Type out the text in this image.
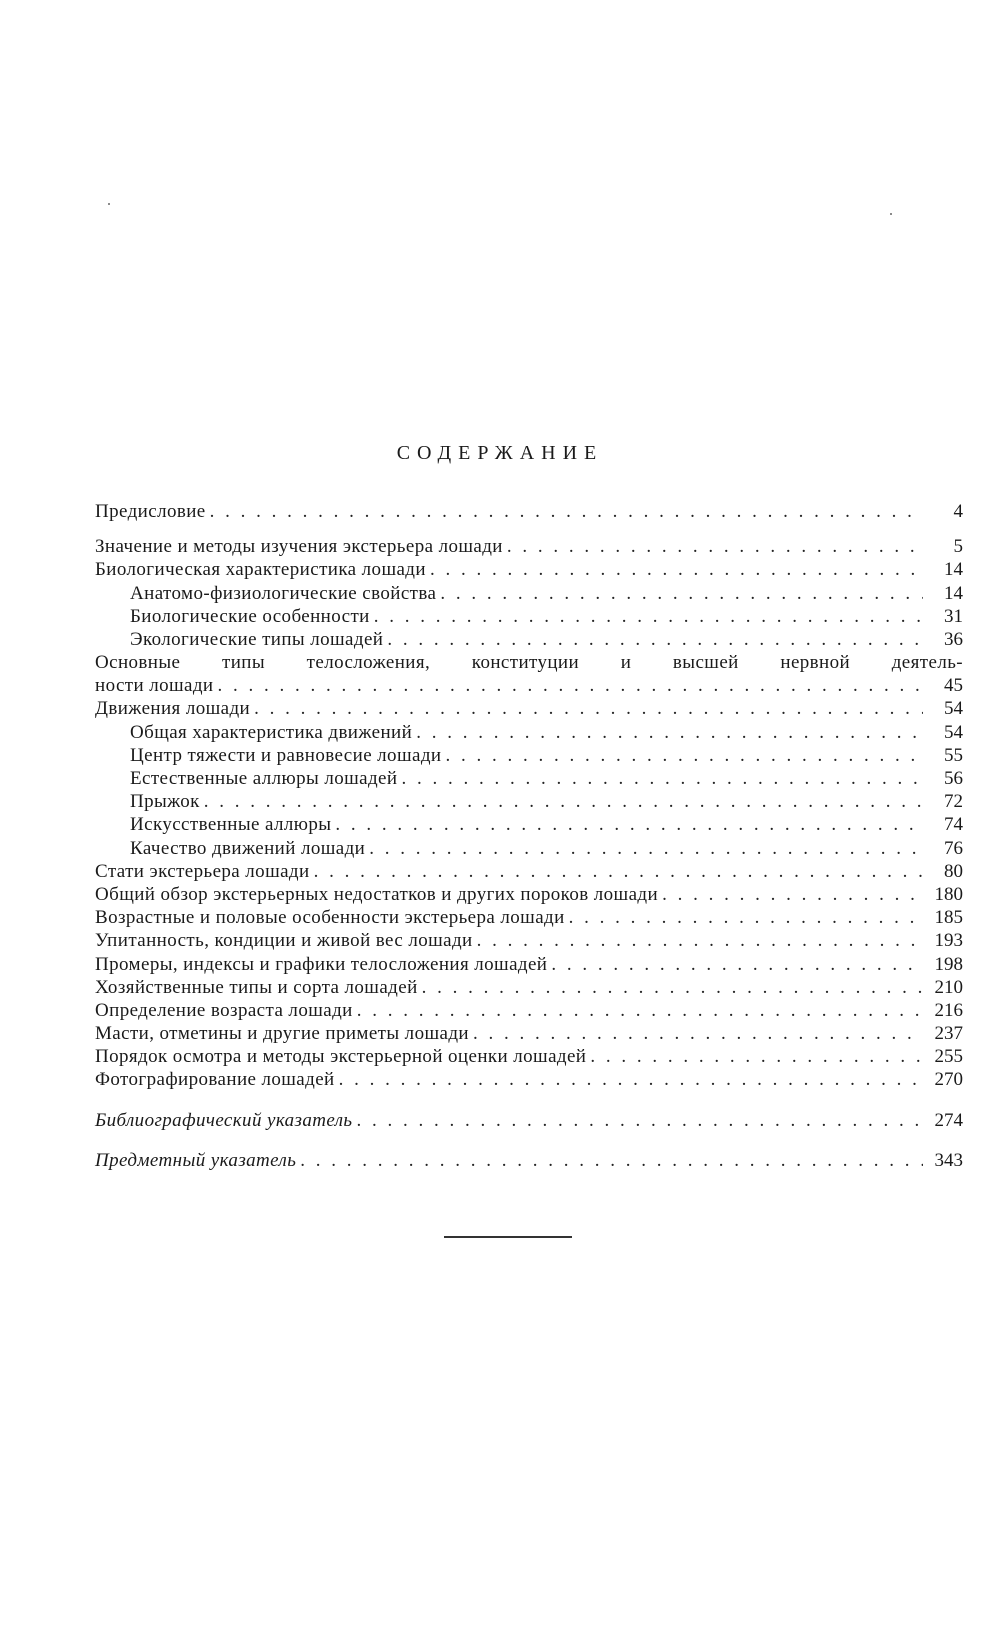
СОДЕРЖАНИЕ
Предисловие . . .	4
Значение и методы изучения экстерьера лошади . . .	5
Биологическая характеристика лошади . . .	14
Анатомо-физиологические свойства . . .	14
Биологические особенности . . .	31
Экологические типы лошадей . . .	36
Основные типы телосложения, конституции и высшей нервной деятель-
ности лошади . . .	45
Движения лошади . . .	54
Общая характеристика движений . . .	54
Центр тяжести и равновесие лошади . . .	55
Естественные аллюры лошадей . . .	56
Прыжок . . .	72
Искусственные аллюры . . .	74
Качество движений лошади . . .	76
Стати экстерьера лошади . . .	80
Общий обзор экстерьерных недостатков и других пороков лошади . . .	180
Возрастные и половые особенности экстерьера лошади . . .	185
Упитанность, кондиции и живой вес лошади . . .	193
Промеры, индексы и графики телосложения лошадей . . .	198
Хозяйственные типы и сорта лошадей . . .	210
Определение возраста лошади . . .	216
Масти, отметины и другие приметы лошади . . .	237
Порядок осмотра и методы экстерьерной оценки лошадей . . .	255
Фотографирование лошадей . . .	270
Библиографический указатель . . .	274
Предметный указатель . . .	343
